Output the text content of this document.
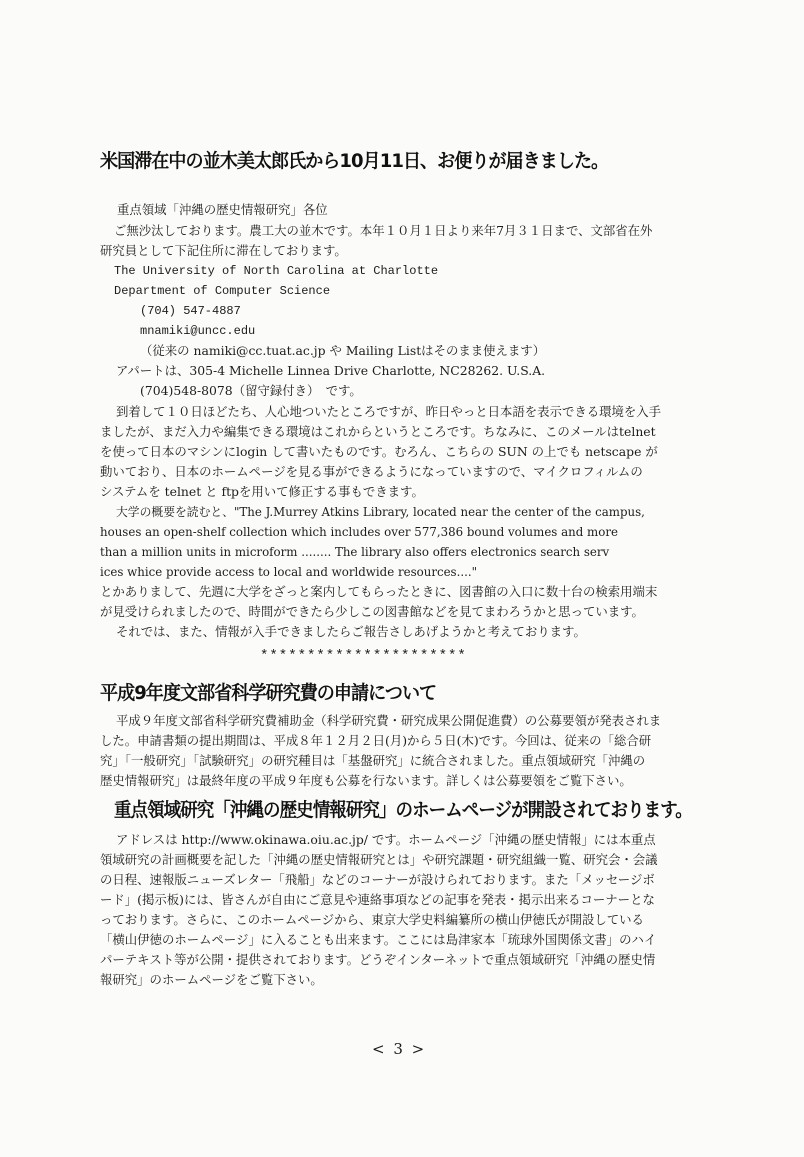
米国滞在中の並木美太郎氏から10月11日、お便りが届きました。
重点領域「沖縄の歴史情報研究」各位
ご無沙汰しております。農工大の並木です。本年１０月１日より来年7月３１日まで、文部省在外
研究員として下記住所に滞在しております。
The University of North Carolina at Charlotte
Department of Computer Science
(704) 547-4887
mnamiki@uncc.edu
（従来の namiki@cc.tuat.ac.jp や Mailing Listはそのまま使えます）
アパートは、305-4 Michelle Linnea Drive Charlotte, NC28262. U.S.A.
(704)548-8078（留守録付き）　です。
到着して１０日ほどたち、人心地ついたところですが、昨日やっと日本語を表示できる環境を入手
ましたが、まだ入力や編集できる環境はこれからというところです。ちなみに、このメールはtelnet
を使って日本のマシンにlogin して書いたものです。むろん、こちらの SUN の上でも netscape が
動いており、日本のホームページを見る事ができるようになっていますので、マイクロフィルムの
システムを telnet と ftpを用いて修正する事もできます。
大学の概要を読むと、"The J.Murrey Atkins Library, located near the center of the campus,
houses an open-shelf collection which includes over 577,386 bound volumes and more
than a million units in microform ........ The library also offers electronics search serv
ices whice provide access to local and worldwide resources...."
とかありまして、先週に大学をざっと案内してもらったときに、図書館の入口に数十台の検索用端末
が見受けられましたので、時間ができたら少しこの図書館などを見てまわろうかと思っています。
それでは、また、情報が入手できましたらご報告さしあげようかと考えております。
**********************
平成9年度文部省科学研究費の申請について
平成９年度文部省科学研究費補助金（科学研究費・研究成果公開促進費）の公募要領が発表されま
した。申請書類の提出期間は、平成８年１２月２日(月)から５日(木)です。今回は、従来の「総合研
究」「一般研究」「試験研究」の研究種目は「基盤研究」に統合されました。重点領域研究「沖縄の
歴史情報研究」は最終年度の平成９年度も公募を行ないます。詳しくは公募要領をご覧下さい。
重点領域研究「沖縄の歴史情報研究」のホームページが開設されております。
アドレスは http://www.okinawa.oiu.ac.jp/ です。ホームページ「沖縄の歴史情報」には本重点
領域研究の計画概要を記した「沖縄の歴史情報研究とは」や研究課題・研究組織一覧、研究会・会議
の日程、速報版ニューズレター「飛船」などのコーナーが設けられております。また「メッセージボ
ード」(掲示板)には、皆さんが自由にご意見や連絡事項などの記事を発表・掲示出来るコーナーとな
っております。さらに、このホームページから、東京大学史料編纂所の横山伊徳氏が開設している
「横山伊徳のホームページ」に入ることも出来ます。ここには島津家本「琉球外国関係文書」のハイ
パーテキスト等が公開・提供されております。どうぞインターネットで重点領域研究「沖縄の歴史情
報研究」のホームページをご覧下さい。
< 3 >
